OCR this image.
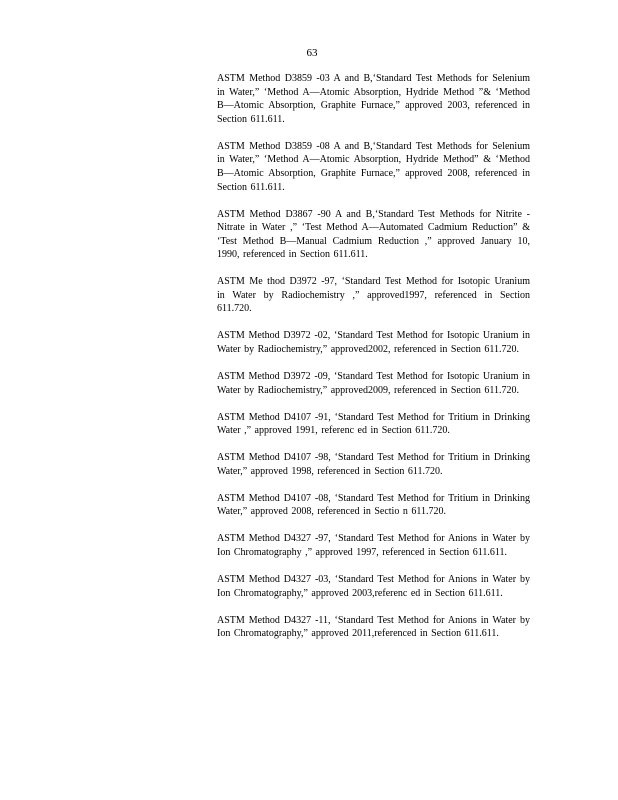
63

ASTM Method D3859 -03 A and B,‘Standard Test Methods for Selenium in Water,” ‘Method A—Atomic Absorption, Hydride Method ”& ‘Method B—Atomic Absorption, Graphite Furnace,” approved 2003, referenced in Section 611.611.

ASTM Method D3859 -08 A and B,‘Standard Test Methods for Selenium in Water,” ‘Method A—Atomic Absorption, Hydride Method” & ‘Method B—Atomic Absorption, Graphite Furnace,” approved 2008, referenced in Section 611.611.

ASTM Method D3867 -90 A and B,‘Standard Test Methods for Nitrite -Nitrate in Water ,” ‘Test Method A—Automated Cadmium Reduction” & ‘Test Method B—Manual Cadmium Reduction ,” approved January 10, 1990, referenced in Section 611.611.

ASTM Me thod D3972 -97, ‘Standard Test Method for Isotopic Uranium in Water by Radiochemistry ,” approved1997, referenced in Section 611.720.

ASTM Method D3972 -02, ‘Standard Test Method for Isotopic Uranium in Water by Radiochemistry,” approved2002, referenced in Section 611.720.

ASTM Method D3972 -09, ‘Standard Test Method for Isotopic Uranium in Water by Radiochemistry,” approved2009, referenced in Section 611.720.

ASTM Method D4107 -91, ‘Standard Test Method for Tritium in Drinking Water ,” approved 1991, referenc ed in Section 611.720.

ASTM Method D4107 -98, ‘Standard Test Method for Tritium in Drinking Water,” approved 1998, referenced in Section 611.720.

ASTM Method D4107 -08, ‘Standard Test Method for Tritium in Drinking Water,” approved 2008, referenced in Sectio n 611.720.

ASTM Method D4327 -97, ‘Standard Test Method for Anions in Water by Ion Chromatography ,” approved 1997, referenced in Section 611.611.

ASTM Method D4327 -03, ‘Standard Test Method for Anions in Water by Ion Chromatography,” approved 2003,referenc ed in Section 611.611.

ASTM Method D4327 -11, ‘Standard Test Method for Anions in Water by Ion Chromatography,” approved 2011,referenced in Section 611.611.
